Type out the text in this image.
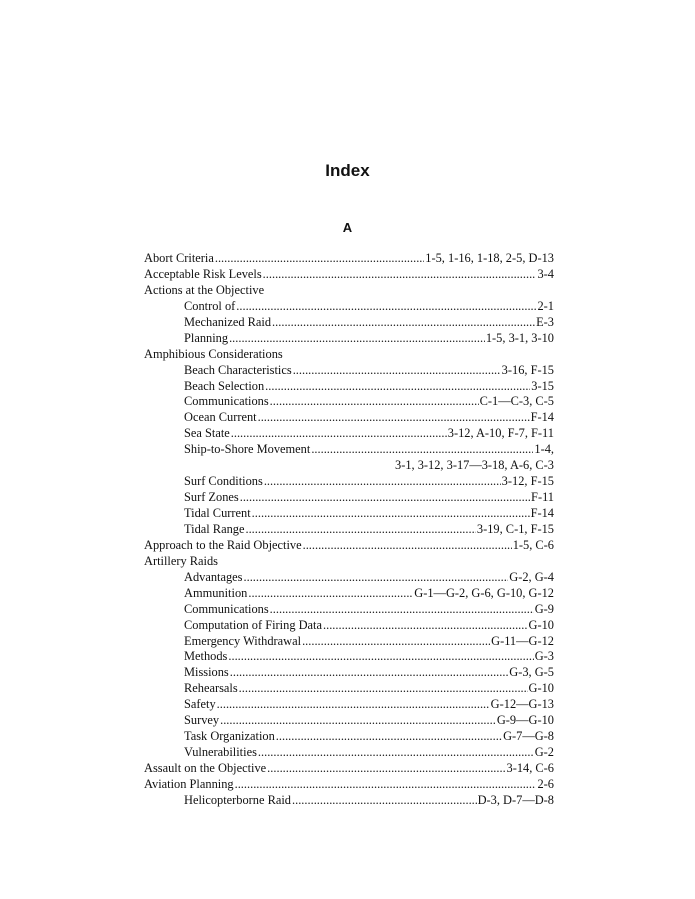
Index
A
Abort Criteria .....	1-5, 1-16, 1-18, 2-5, D-13
Acceptable Risk Levels .....	3-4
Actions at the Objective
Control of .....	2-1
Mechanized Raid .....	E-3
Planning .....	1-5, 3-1, 3-10
Amphibious Considerations
Beach Characteristics .....	3-16, F-15
Beach Selection .....	3-15
Communications .....	C-1—C-3, C-5
Ocean Current .....	F-14
Sea State .....	3-12, A-10, F-7, F-11
Ship-to-Shore Movement .....	1-4,
3-1, 3-12, 3-17—3-18, A-6, C-3
Surf Conditions .....	3-12, F-15
Surf Zones .....	F-11
Tidal Current .....	F-14
Tidal Range .....	3-19, C-1, F-15
Approach to the Raid Objective .....	1-5, C-6
Artillery Raids
Advantages .....	G-2, G-4
Ammunition .....	G-1—G-2, G-6, G-10, G-12
Communications .....	G-9
Computation of Firing Data .....	G-10
Emergency Withdrawal .....	G-11—G-12
Methods .....	G-3
Missions .....	G-3, G-5
Rehearsals .....	G-10
Safety .....	G-12—G-13
Survey .....	G-9—G-10
Task Organization .....	G-7—G-8
Vulnerabilities .....	G-2
Assault on the Objective .....	3-14, C-6
Aviation Planning .....	2-6
Helicopterborne Raid .....	D-3, D-7—D-8
